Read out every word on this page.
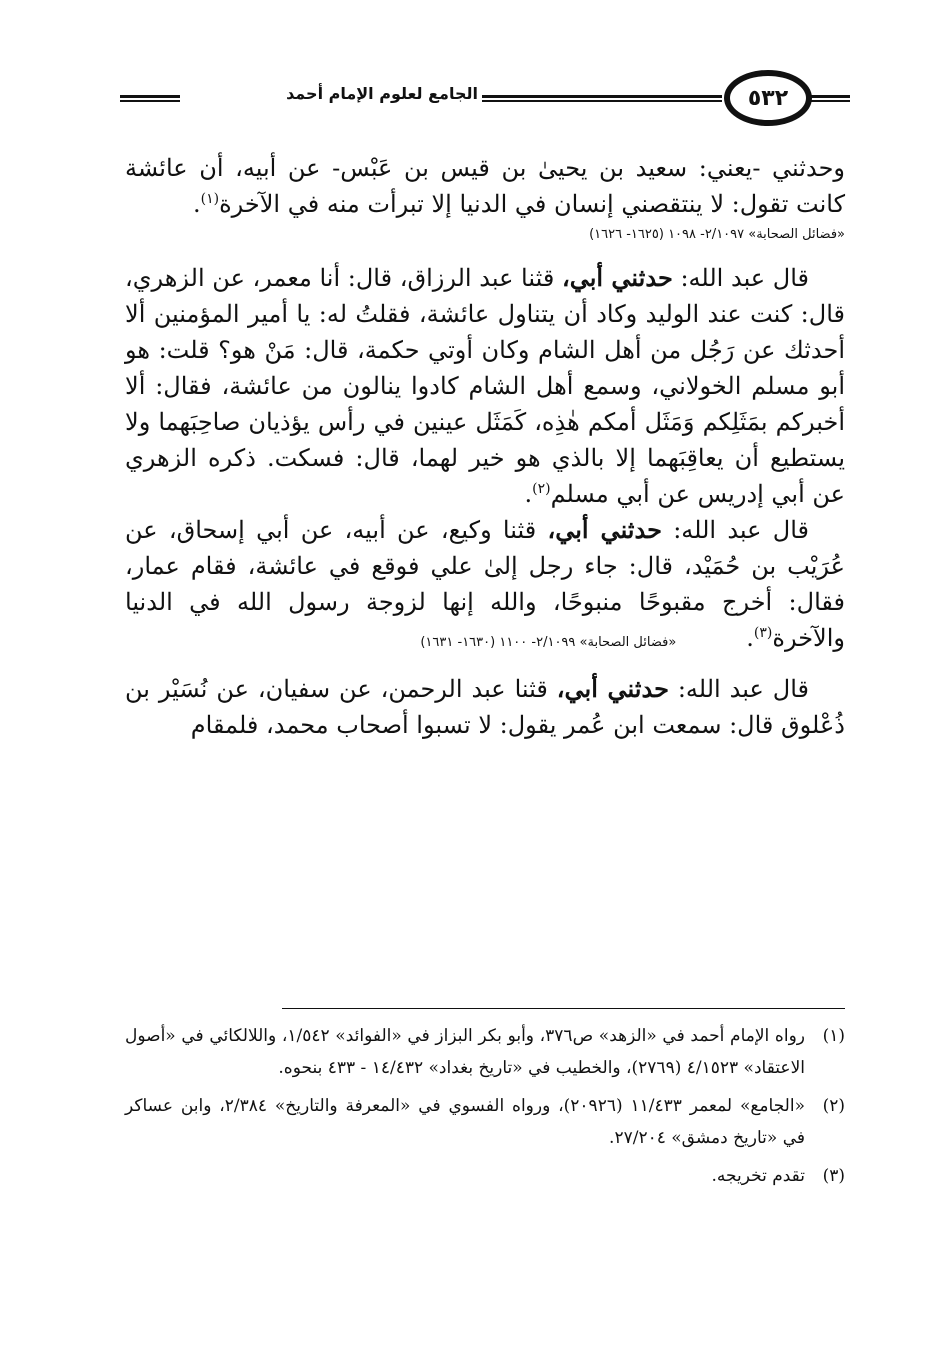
٥٣٢
الجامع لعلوم الإمام أحمد

وحدثني -يعني: سعيد بن يحيىٰ بن قيس بن عَبْس- عن أبيه، أن عائشة كانت تقول: لا ينتقصني إنسان في الدنيا إلا تبرأت منه في الآخرة$^{(١)}$.

«فضائل الصحابة» ٢/١٠٩٧- ١٠٩٨ (١٦٢٥- ١٦٢٦)

قال عبد الله: حدثني أبي، قثنا عبد الرزاق، قال: أنا معمر، عن الزهري، قال: كنت عند الوليد وكاد أن يتناول عائشة، فقلتُ له: يا أمير المؤمنين ألا أحدثك عن رَجُل من أهل الشام وكان أوتي حكمة، قال: مَنْ هو؟ قلت: هو أبو مسلم الخولاني، وسمع أهل الشام كادوا ينالون من عائشة، فقال: ألا أخبركم بمَثَلِكم وَمَثَل أمكم هٰذِه، كَمَثَل عينين في رأس يؤذيان صاحِبَهما ولا يستطيع أن يعاقِبَهما إلا بالذي هو خير لهما، قال: فسكت. ذكره الزهري عن أبي إدريس عن أبي مسلم$^{(٢)}$.

قال عبد الله: حدثني أبي، قثنا وكيع، عن أبيه، عن أبي إسحاق، عن عُرَيْب بن حُمَيْد، قال: جاء رجل إلىٰ علي فوقع في عائشة، فقام عمار، فقال: أخرج مقبوحًا منبوحًا، والله إنها لزوجة رسول الله في الدنيا والآخرة$^{(٣)}$.«فضائل الصحابة» ٢/١٠٩٩- ١١٠٠ (١٦٣٠- ١٦٣١)

قال عبد الله: حدثني أبي، قثنا عبد الرحمن، عن سفيان، عن نُسَيْر بن ذُعْلوق قال: سمعت ابن عُمر يقول: لا تسبوا أصحاب محمد، فلمقام

(١)
رواه الإمام أحمد في «الزهد» ص٣٧٦، وأبو بكر البزاز في «الفوائد» ١/٥٤٢، واللالكائي في «أصول الاعتقاد» ٤/١٥٢٣ (٢٧٦٩)، والخطيب في «تاريخ بغداد» ١٤/٤٣٢ - ٤٣٣ بنحوه.
(٢)
«الجامع» لمعمر ١١/٤٣٣ (٢٠٩٢٦)، ورواه الفسوي في «المعرفة والتاريخ» ٢/٣٨٤، وابن عساكر في «تاريخ دمشق» ٢٧/٢٠٤.
(٣)
تقدم تخريجه.
